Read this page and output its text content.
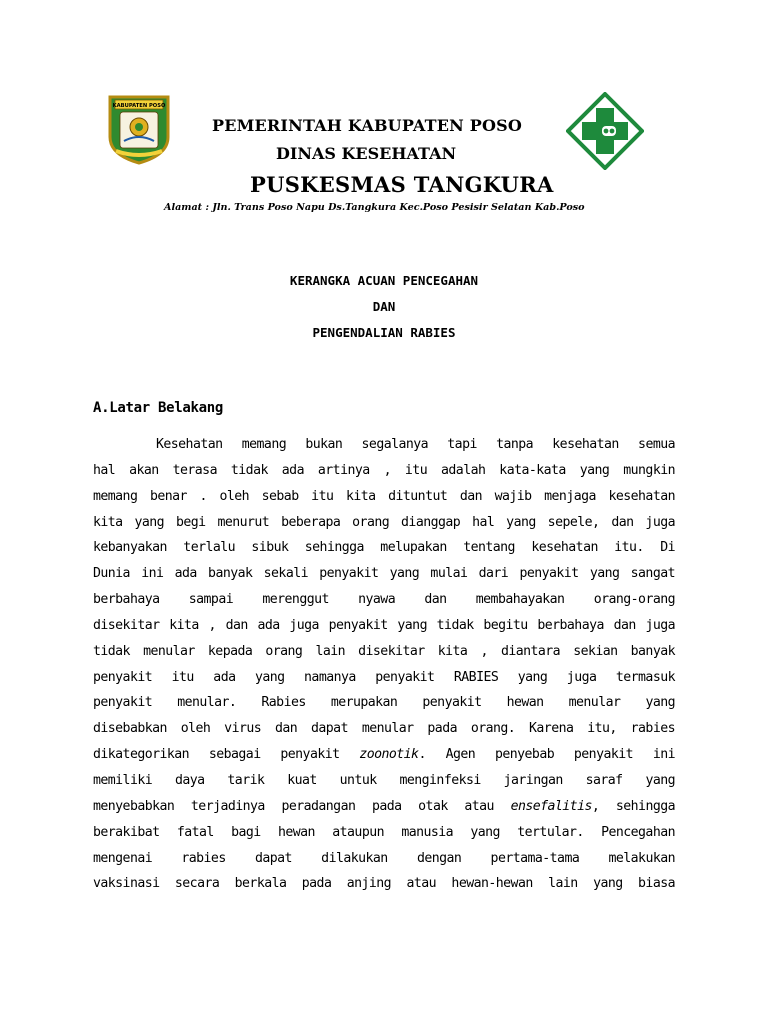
KABUPATEN POSO
PEMERINTAH KABUPATEN POSO
DINAS KESEHATAN
PUSKESMAS TANGKURA
Alamat : Jln. Trans Poso Napu Ds.Tangkura Kec.Poso Pesisir Selatan Kab.Poso
KERANGKA ACUAN PENCEGAHAN
DAN
PENGENDALIAN RABIES
A.Latar Belakang
Kesehatan memang bukan segalanya tapi tanpa kesehatan semua
hal akan terasa tidak ada artinya , itu adalah kata-kata yang mungkin
memang benar . oleh sebab itu kita dituntut dan wajib menjaga kesehatan
kita yang begi menurut beberapa orang dianggap hal yang sepele, dan juga
kebanyakan terlalu sibuk sehingga melupakan tentang kesehatan itu. Di
Dunia ini ada banyak sekali penyakit yang mulai dari penyakit yang sangat
berbahaya sampai merenggut nyawa dan membahayakan orang-orang
disekitar kita , dan ada juga penyakit yang tidak begitu berbahaya dan juga
tidak menular kepada orang lain disekitar kita , diantara sekian banyak
penyakit itu ada yang namanya penyakit RABIES yang juga termasuk
penyakit menular. Rabies merupakan penyakit hewan menular yang
disebabkan oleh virus dan dapat menular pada orang. Karena itu, rabies
dikategorikan sebagai penyakit zoonotik. Agen penyebab penyakit ini
memiliki daya tarik kuat untuk menginfeksi jaringan saraf yang
menyebabkan terjadinya peradangan pada otak atau ensefalitis, sehingga
berakibat fatal bagi hewan ataupun manusia yang tertular. Pencegahan
mengenai rabies dapat dilakukan dengan pertama-tama melakukan
vaksinasi secara berkala pada anjing atau hewan-hewan lain yang biasa
